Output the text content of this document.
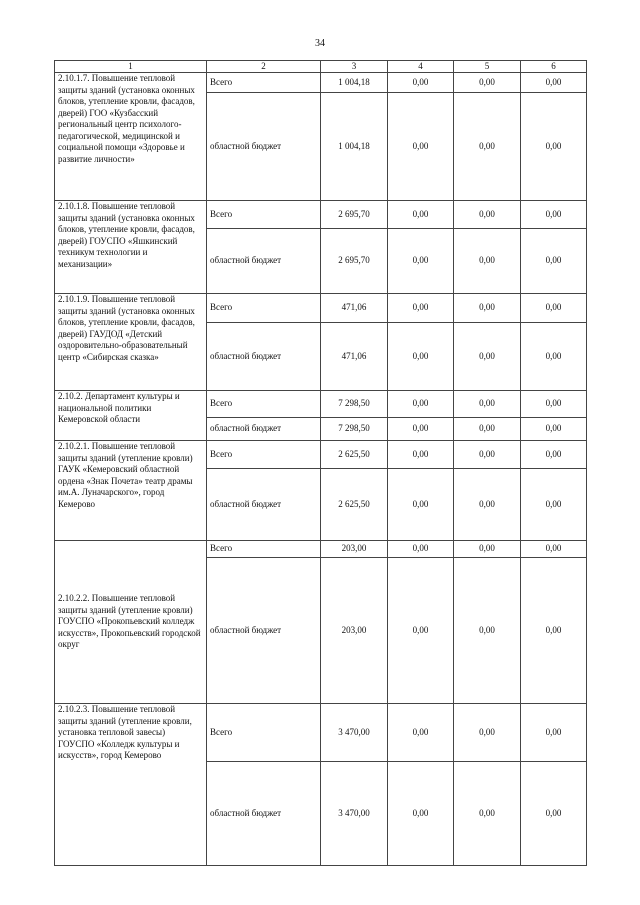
34
1	2	3	4	5	6
2.10.1.7. Повышение тепловой защиты зданий (установка оконных блоков, утепление кровли, фасадов, дверей) ГОО «Кузбасский региональный центр психолого-педагогической, медицинской и социальной помощи «Здоровье и развитие личности»	Всего	1 004,18	0,00	0,00	0,00
	областной бюджет	1 004,18	0,00	0,00	0,00
2.10.1.8. Повышение тепловой защиты зданий (установка оконных блоков, утепление кровли, фасадов, дверей) ГОУСПО «Яшкинский техникум технологии и механизации»	Всего	2 695,70	0,00	0,00	0,00
	областной бюджет	2 695,70	0,00	0,00	0,00
2.10.1.9. Повышение тепловой защиты зданий (установка оконных блоков, утепление кровли, фасадов, дверей) ГАУДОД «Детский оздоровительно-образовательный центр «Сибирская сказка»	Всего	471,06	0,00	0,00	0,00
	областной бюджет	471,06	0,00	0,00	0,00
2.10.2. Департамент культуры и национальной политики Кемеровской области	Всего	7 298,50	0,00	0,00	0,00
	областной бюджет	7 298,50	0,00	0,00	0,00
2.10.2.1. Повышение тепловой защиты зданий (утепление кровли) ГАУК «Кемеровский областной ордена «Знак Почета» театр драмы им.А. Луначарского», город Кемерово	Всего	2 625,50	0,00	0,00	0,00
	областной бюджет	2 625,50	0,00	0,00	0,00
2.10.2.2. Повышение тепловой защиты зданий (утепление кровли) ГОУСПО «Прокопьевский колледж искусств», Прокопьевский городской округ	Всего	203,00	0,00	0,00	0,00
	областной бюджет	203,00	0,00	0,00	0,00
2.10.2.3. Повышение тепловой защиты зданий (утепление кровли, установка тепловой завесы) ГОУСПО «Колледж культуры и искусств», город Кемерово	Всего	3 470,00	0,00	0,00	0,00
	областной бюджет	3 470,00	0,00	0,00	0,00
